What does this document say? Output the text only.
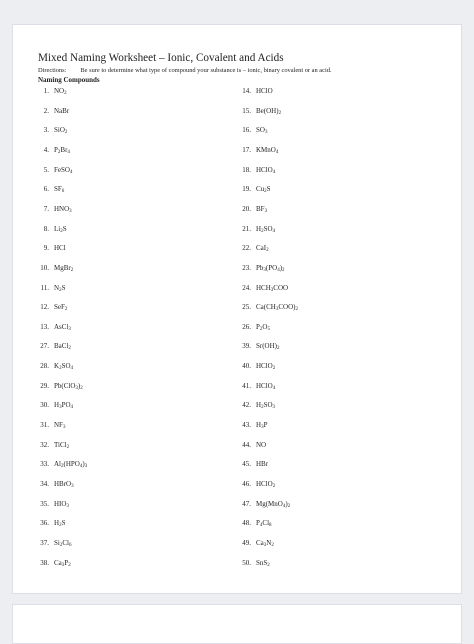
Mixed Naming Worksheet – Ionic, Covalent and Acids
Directions: Be sure to determine what type of compound your substance is – ionic, binary covalent or an acid.
Naming Compounds
1. $NO_2$
2. NaBr
3. SiO$_2$
4. $P_2Br_4$
5. FeSO$_4$
6. $SF_6$
7. $HNO_3$
8. $Li_2S$
9. HCl
10. MgBr$_2$
11. $N_2S$
12. SeF$_2$
13. AsCl$_3$
27. BaCl$_2$
28. $K_2SO_4$
29. $Pb(ClO_3)_2$
30. $H_3PO_4$
31. $NF_3$
32. TiCl$_2$
33. $Al_2(HPO_4)_3$
34. HBrO$_3$
35. $HIO_3$
36. $H_2S$
37. $Si_2Cl_6$
38. $Ca_3P_2$
14. HClO
15. $Be(OH)_2$
16. $SO_3$
17. KMnO$_4$
18. HClO$_4$
19. $Cu_2S$
20. $BF_3$
21. $H_2SO_4$
22. CaI$_2$
23. $Pb_3(PO_4)_2$
24. $HCH_3COO$
25. $Ca(CH_3COO)_2$
26. $P_2O_5$
39. $Sr(OH)_2$
40. HClO$_2$
41. HClO$_4$
42. $H_2SO_3$
43. $H_3P$
44. NO
45. HBr
46. HClO$_2$
47. $Mg(MnO_4)_2$
48. $P_4Cl_8$
49. $Ca_3N_2$
50. SnS$_2$
